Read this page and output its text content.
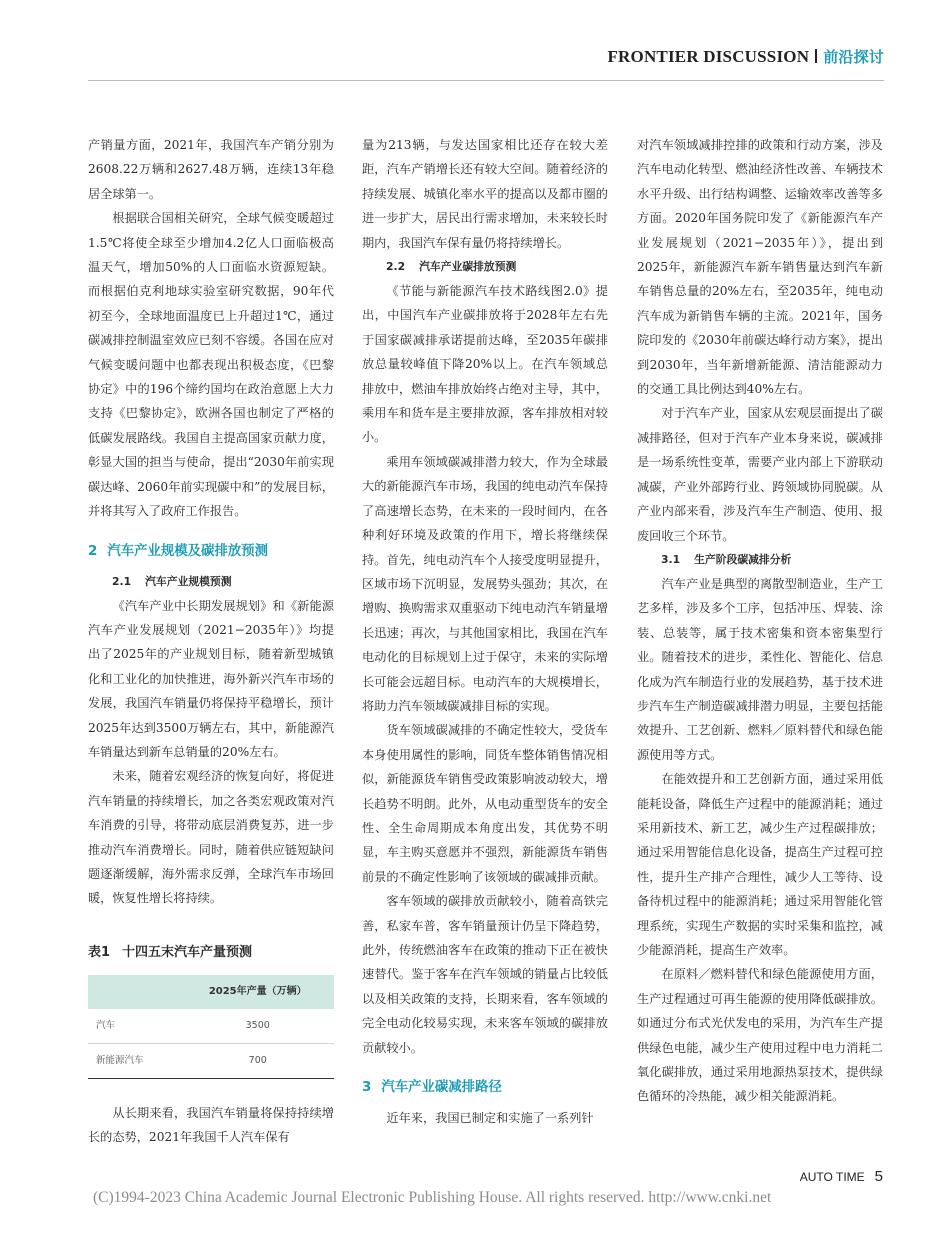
FRONTIER DISCUSSION 前沿探讨

产销量方面，2021年，我国汽车产销分别为2608.22万辆和2627.48万辆，连续13年稳居全球第一。

根据联合国相关研究，全球气候变暖超过1.5℃将使全球至少增加4.2亿人口面临极高温天气，增加50%的人口面临水资源短缺。而根据伯克利地球实验室研究数据，90年代初至今，全球地面温度已上升超过1℃，通过碳减排控制温室效应已刻不容缓。各国在应对气候变暖问题中也都表现出积极态度，《巴黎协定》中的196个缔约国均在政治意愿上大力支持《巴黎协定》，欧洲各国也制定了严格的低碳发展路线。我国自主提高国家贡献力度，彰显大国的担当与使命，提出“2030年前实现碳达峰、2060年前实现碳中和”的发展目标，并将其写入了政府工作报告。

2 汽车产业规模及碳排放预测
2.1 汽车产业规模预测

《汽车产业中长期发展规划》和《新能源汽车产业发展规划（2021−2035年）》均提出了2025年的产业规划目标，随着新型城镇化和工业化的加快推进，海外新兴汽车市场的发展，我国汽车销量仍将保持平稳增长，预计2025年达到3500万辆左右，其中，新能源汽车销量达到新车总销量的20%左右。

未来，随着宏观经济的恢复向好，将促进汽车销量的持续增长，加之各类宏观政策对汽车消费的引导，将带动底层消费复苏，进一步推动汽车消费增长。同时，随着供应链短缺问题逐渐缓解，海外需求反弹，全球汽车市场回暖，恢复性增长将持续。

表1 十四五末汽车产量预测
	2025年产量（万辆）
汽车	3500
新能源汽车	700

从长期来看，我国汽车销量将保持持续增长的态势，2021年我国千人汽车保有

量为213辆，与发达国家相比还存在较大差距，汽车产销增长还有较大空间。随着经济的持续发展、城镇化率水平的提高以及都市圈的进一步扩大，居民出行需求增加，未来较长时期内，我国汽车保有量仍将持续增长。

2.2 汽车产业碳排放预测

《节能与新能源汽车技术路线图2.0》提出，中国汽车产业碳排放将于2028年左右先于国家碳减排承诺提前达峰，至2035年碳排放总量较峰值下降20%以上。在汽车领域总排放中，燃油车排放始终占绝对主导，其中，乘用车和货车是主要排放源，客车排放相对较小。

乘用车领域碳减排潜力较大，作为全球最大的新能源汽车市场，我国的纯电动汽车保持了高速增长态势，在未来的一段时间内，在各种利好环境及政策的作用下，增长将继续保持。首先，纯电动汽车个人接受度明显提升，区域市场下沉明显，发展势头强劲；其次，在增购、换购需求双重驱动下纯电动汽车销量增长迅速；再次，与其他国家相比，我国在汽车电动化的目标规划上过于保守，未来的实际增长可能会远超目标。电动汽车的大规模增长，将助力汽车领域碳减排目标的实现。

货车领域碳减排的不确定性较大，受货车本身使用属性的影响，同货车整体销售情况相似，新能源货车销售受政策影响波动较大，增长趋势不明朗。此外，从电动重型货车的安全性、全生命周期成本角度出发，其优势不明显，车主购买意愿并不强烈，新能源货车销售前景的不确定性影响了该领域的碳减排贡献。

客车领域的碳排放贡献较小，随着高铁完善，私家车普，客车销量预计仍呈下降趋势，此外，传统燃油客车在政策的推动下正在被快速替代。鉴于客车在汽车领域的销量占比较低以及相关政策的支持，长期来看，客车领域的完全电动化较易实现，未来客车领域的碳排放贡献较小。

3 汽车产业碳减排路径

近年来，我国已制定和实施了一系列针

对汽车领域减排控排的政策和行动方案，涉及汽车电动化转型、燃油经济性改善、车辆技术水平升级、出行结构调整、运输效率改善等多方面。2020年国务院印发了《新能源汽车产业发展规划（2021−2035年）》，提出到2025年，新能源汽车新车销售量达到汽车新车销售总量的20%左右，至2035年，纯电动汽车成为新销售车辆的主流。2021年，国务院印发的《2030年前碳达峰行动方案》，提出到2030年，当年新增新能源、清洁能源动力的交通工具比例达到40%左右。

对于汽车产业，国家从宏观层面提出了碳减排路径，但对于汽车产业本身来说，碳减排是一场系统性变革，需要产业内部上下游联动减碳，产业外部跨行业、跨领域协同脱碳。从产业内部来看，涉及汽车生产制造、使用、报废回收三个环节。

3.1 生产阶段碳减排分析

汽车产业是典型的离散型制造业，生产工艺多样，涉及多个工序，包括冲压、焊装、涂装、总装等，属于技术密集和资本密集型行业。随着技术的进步，柔性化、智能化、信息化成为汽车制造行业的发展趋势，基于技术进步汽车生产制造碳减排潜力明显，主要包括能效提升、工艺创新、燃料／原料替代和绿色能源使用等方式。

在能效提升和工艺创新方面，通过采用低能耗设备，降低生产过程中的能源消耗；通过采用新技术、新工艺，减少生产过程碳排放；通过采用智能信息化设备，提高生产过程可控性，提升生产排产合理性，减少人工等待、设备待机过程中的能源消耗；通过采用智能化管理系统，实现生产数据的实时采集和监控，减少能源消耗，提高生产效率。

在原料／燃料替代和绿色能源使用方面，生产过程通过可再生能源的使用降低碳排放。如通过分布式光伏发电的采用，为汽车生产提供绿色电能，减少生产使用过程中电力消耗二氧化碳排放，通过采用地源热泵技术，提供绿色循环的冷热能，减少相关能源消耗。

AUTO TIME 5
(C)1994-2023 China Academic Journal Electronic Publishing House. All rights reserved. http://www.cnki.net
